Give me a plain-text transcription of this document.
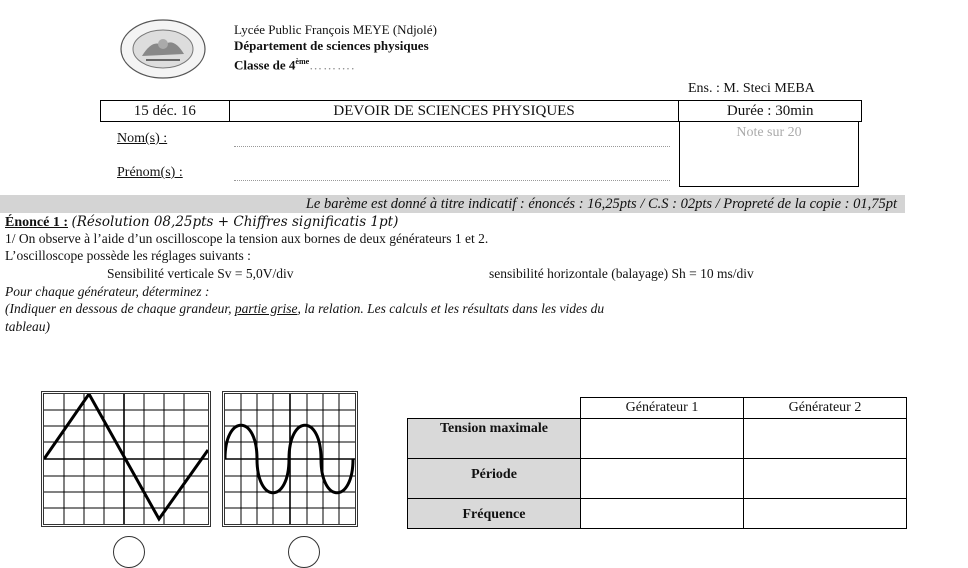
Lycée Public François MEYE (Ndjolé)
Département de sciences physiques
Classe de 4ème……….
Ens. : M. Steci MEBA
15 déc. 16	DEVOIR DE SCIENCES PHYSIQUES	Durée : 30min
Nom(s) :
Prénom(s) :
Note sur 20
Le barème est donné à titre indicatif : énoncés : 16,25pts / C.S : 02pts / Propreté de la copie : 01,75pt
Énoncé 1 : (Résolution 08,25pts + Chiffres significatis 1pt)
1/ On observe à l’aide d’un oscilloscope la tension aux bornes de deux générateurs 1 et 2.
L’oscilloscope possède les réglages suivants :
Sensibilité verticale Sv = 5,0V/div	sensibilité horizontale (balayage) Sh = 10 ms/div
Pour chaque générateur, déterminez :
(Indiquer en dessous de chaque grandeur, partie grise, la relation. Les calculs et les résultats dans les vides du
tableau)
	Générateur 1	Générateur 2
Tension maximale		
Période		
Fréquence		
